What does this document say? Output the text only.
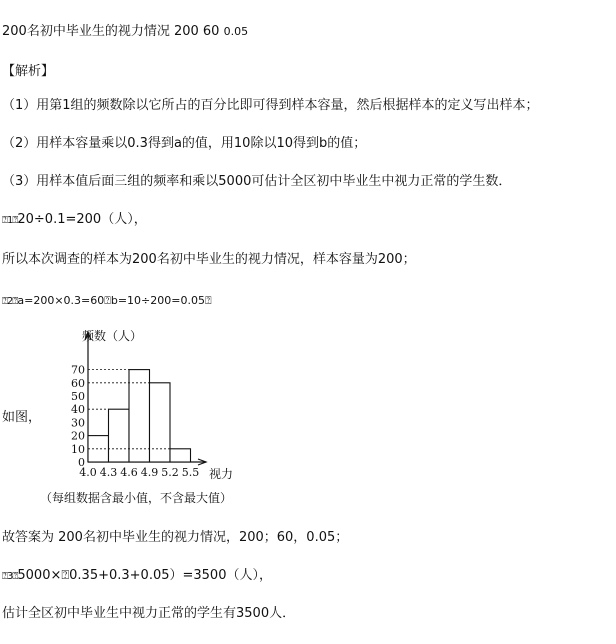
200名初中毕业生的视力情况 200 60 0.05
【解析】
（1）用第1组的频数除以它所占的百分比即可得到样本容量，然后根据样本的定义写出样本；
（2）用样本容量乘以0.3得到a的值，用10除以10得到b的值；
（3）用样本值后面三组的频率和乘以5000可估计全区初中毕业生中视力正常的学生数．
⍰1⍰20÷0.1=200（人），
所以本次调查的样本为200名初中毕业生的视力情况，样本容量为200；
⍰2⍰a=200×0.3=60⍰b=10÷200=0.05⍰
如图，
0
10
20
30
40
50
60
70
4.0 4.3 4.6 4.9 5.2 5.5
频数（人）
视力
（每组数据含最小值，不含最大值）
故答案为 200名初中毕业生的视力情况，200；60，0.05；
⍰3⍰5000×⍰0.35+0.3+0.05）=3500（人），
估计全区初中毕业生中视力正常的学生有3500人．
